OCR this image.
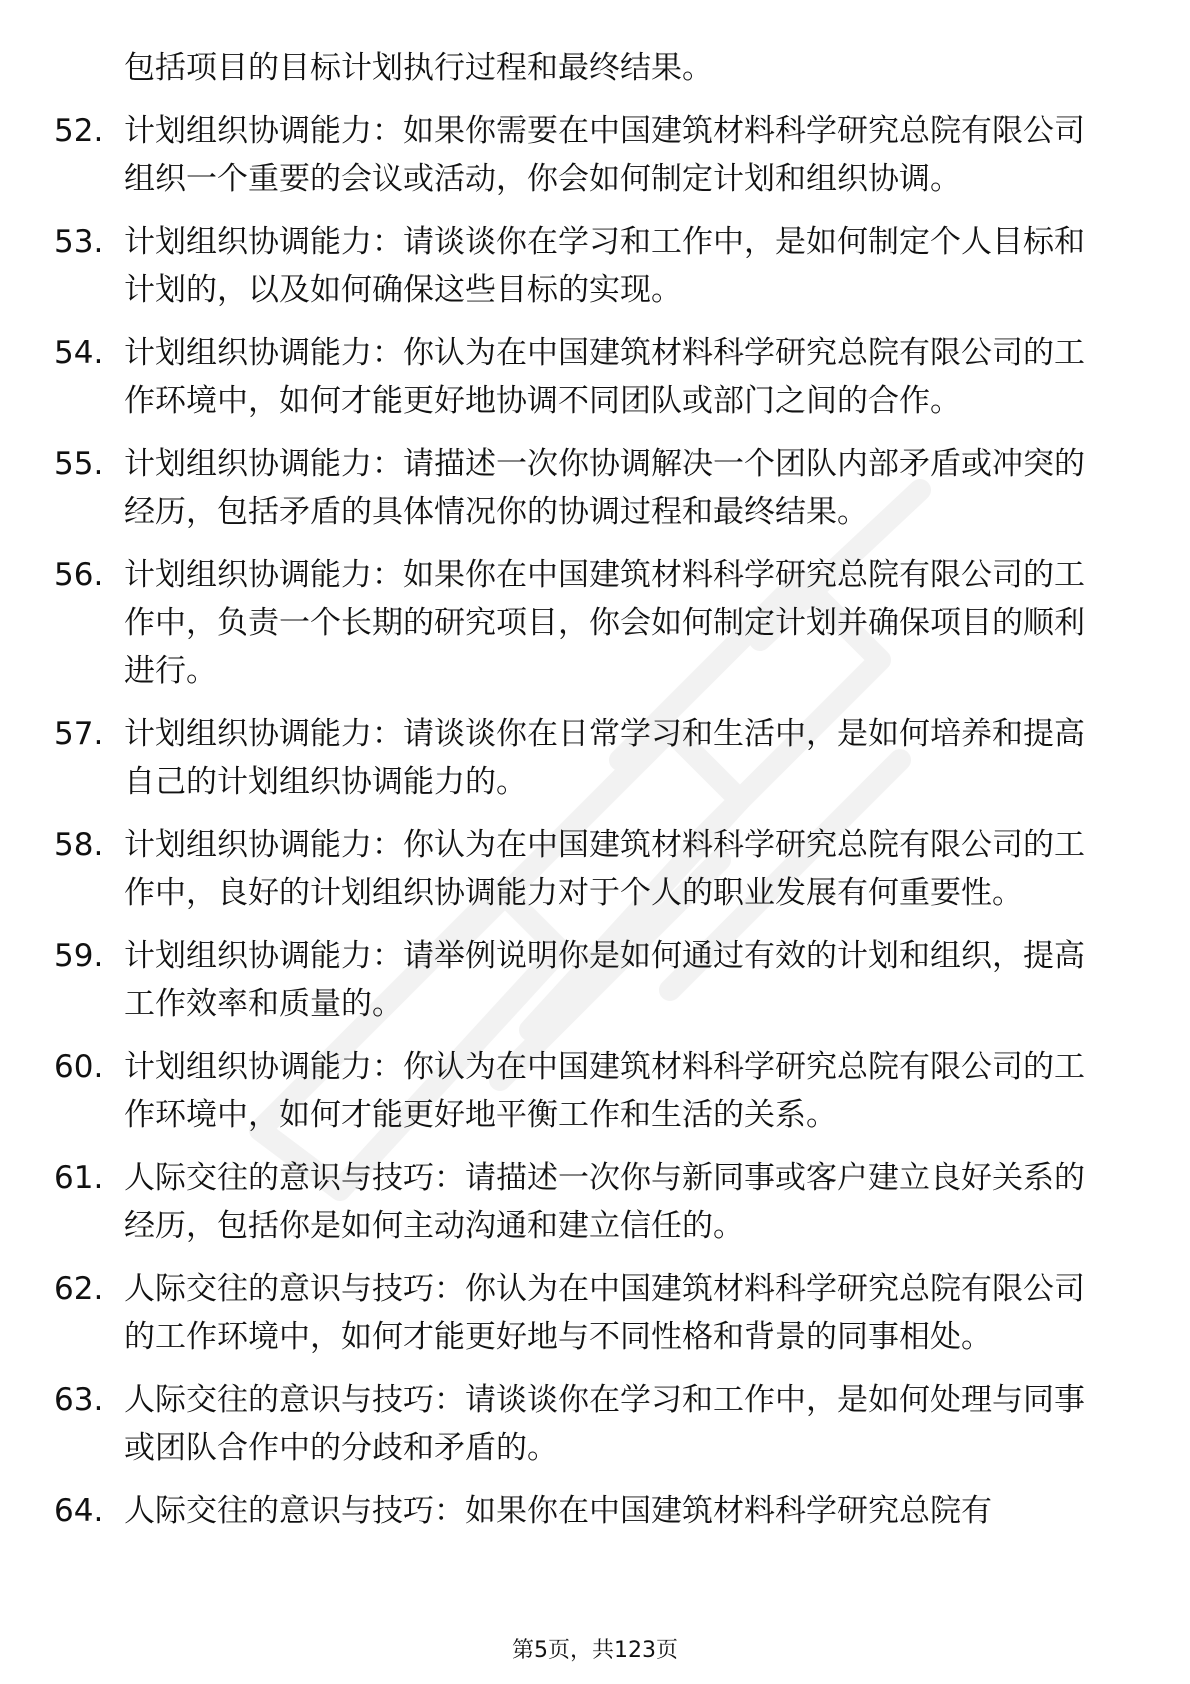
包括项目的目标计划执行过程和最终结果。
52. 计划组织协调能力：如果你需要在中国建筑材料科学研究总院有限公司组织一个重要的会议或活动，你会如何制定计划和组织协调。
53. 计划组织协调能力：请谈谈你在学习和工作中，是如何制定个人目标和计划的，以及如何确保这些目标的实现。
54. 计划组织协调能力：你认为在中国建筑材料科学研究总院有限公司的工作环境中，如何才能更好地协调不同团队或部门之间的合作。
55. 计划组织协调能力：请描述一次你协调解决一个团队内部矛盾或冲突的经历，包括矛盾的具体情况你的协调过程和最终结果。
56. 计划组织协调能力：如果你在中国建筑材料科学研究总院有限公司的工作中，负责一个长期的研究项目，你会如何制定计划并确保项目的顺利进行。
57. 计划组织协调能力：请谈谈你在日常学习和生活中，是如何培养和提高自己的计划组织协调能力的。
58. 计划组织协调能力：你认为在中国建筑材料科学研究总院有限公司的工作中，良好的计划组织协调能力对于个人的职业发展有何重要性。
59. 计划组织协调能力：请举例说明你是如何通过有效的计划和组织，提高工作效率和质量的。
60. 计划组织协调能力：你认为在中国建筑材料科学研究总院有限公司的工作环境中，如何才能更好地平衡工作和生活的关系。
61. 人际交往的意识与技巧：请描述一次你与新同事或客户建立良好关系的经历，包括你是如何主动沟通和建立信任的。
62. 人际交往的意识与技巧：你认为在中国建筑材料科学研究总院有限公司的工作环境中，如何才能更好地与不同性格和背景的同事相处。
63. 人际交往的意识与技巧：请谈谈你在学习和工作中，是如何处理与同事或团队合作中的分歧和矛盾的。
64. 人际交往的意识与技巧：如果你在中国建筑材料科学研究总院有
第5页，共123页
